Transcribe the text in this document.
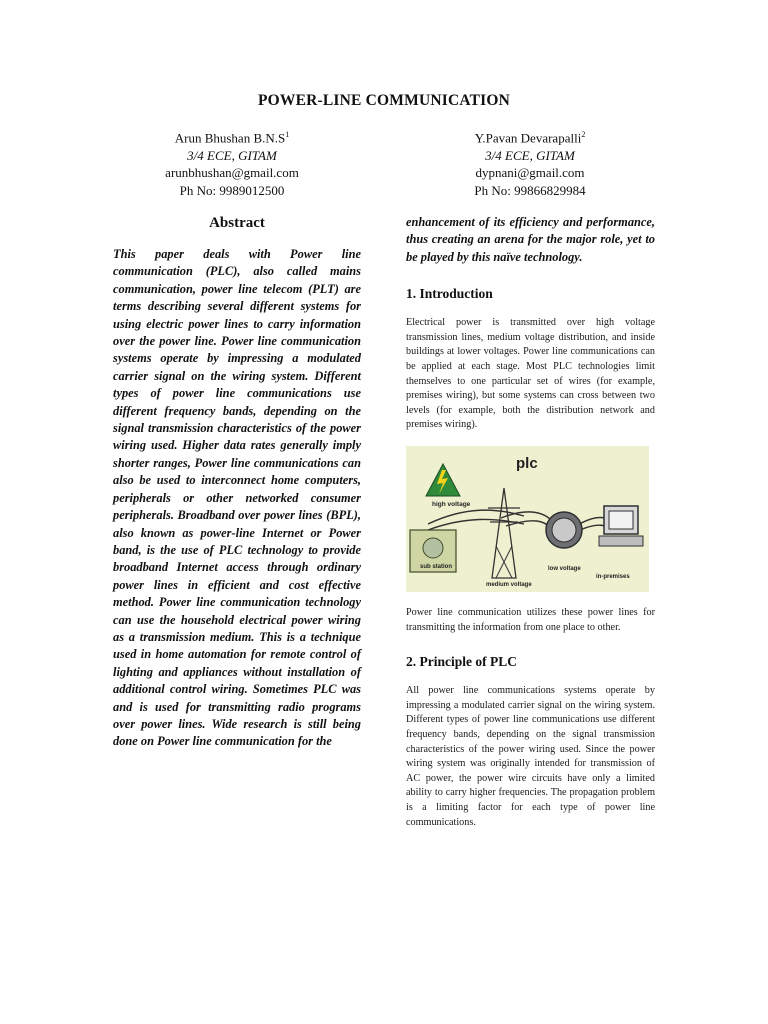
POWER-LINE COMMUNICATION
Arun Bhushan $B.N.S^1$
3/4 ECE, GITAM
arunbhushan@gmail.com
Ph No: 9989012500
Y.Pavan Devarapalli$^2$
3/4 ECE, GITAM
dypnani@gmail.com
Ph No: 99866829984
Abstract

This paper deals with Power line communication (PLC), also called mains communication, power line telecom (PLT) are terms describing several different systems for using electric power lines to carry information over the power line. Power line communication systems operate by impressing a modulated carrier signal on the wiring system. Different types of power line communications use different frequency bands, depending on the signal transmission characteristics of the power wiring used. Higher data rates generally imply shorter ranges, Power line communications can also be used to interconnect home computers, peripherals or other networked consumer peripherals. Broadband over power lines (BPL), also known as power-line Internet or Power band, is the use of PLC technology to provide broadband Internet access through ordinary power lines in efficient and cost effective method. Power line communication technology can use the household electrical power wiring as a transmission medium. This is a technique used in home automation for remote control of lighting and appliances without installation of additional control wiring. Sometimes PLC was and is used for transmitting radio programs over power lines. Wide research is still being done on Power line communication for the

enhancement of its efficiency and performance, thus creating an arena for the major role, yet to be played by this naïve technology.

1. Introduction

Electrical power is transmitted over high voltage transmission lines, medium voltage distribution, and inside buildings at lower voltages. Power line communications can be applied at each stage. Most PLC technologies limit themselves to one particular set of wires (for example, premises wiring), but some systems can cross between two levels (for example, both the distribution network and premises wiring).

plc
high voltage
sub station
medium voltage
low voltage
in-premises

Power line communication utilizes these power lines for transmitting the information from one place to other.

2. Principle of PLC

All power line communications systems operate by impressing a modulated carrier signal on the wiring system. Different types of power line communications use different frequency bands, depending on the signal transmission characteristics of the power wiring used. Since the power wiring system was originally intended for transmission of AC power, the power wire circuits have only a limited ability to carry higher frequencies. The propagation problem is a limiting factor for each type of power line communications.
